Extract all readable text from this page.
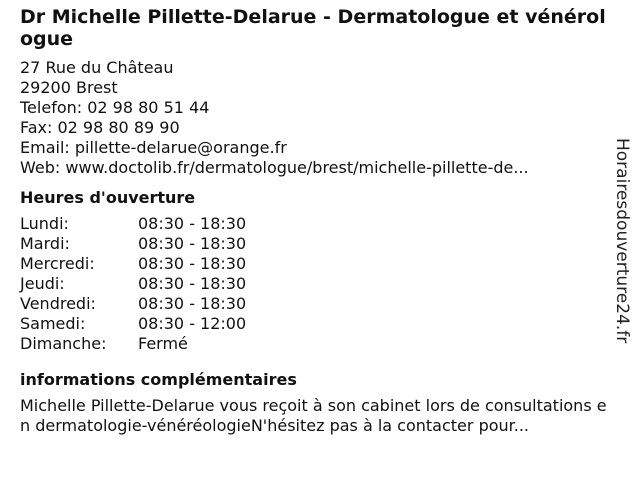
Dr Michelle Pillette-Delarue - Dermatologue et vénérologue
27 Rue du Château
29200 Brest
Telefon: 02 98 80 51 44
Fax: 02 98 80 89 90
Email: pillette-delarue@orange.fr
Web: www.doctolib.fr/dermatologue/brest/michelle-pillette-de...
Heures d'ouverture
Lundi:	08:30 - 18:30
Mardi:	08:30 - 18:30
Mercredi:	08:30 - 18:30
Jeudi:	08:30 - 18:30
Vendredi:	08:30 - 18:30
Samedi:	08:30 - 12:00
Dimanche:	Fermé
informations complémentaires
Michelle Pillette-Delarue vous reçoit à son cabinet lors de consultations en dermatologie-vénéréologieN'hésitez pas à la contacter pour...
Horairesdouverture24.fr
